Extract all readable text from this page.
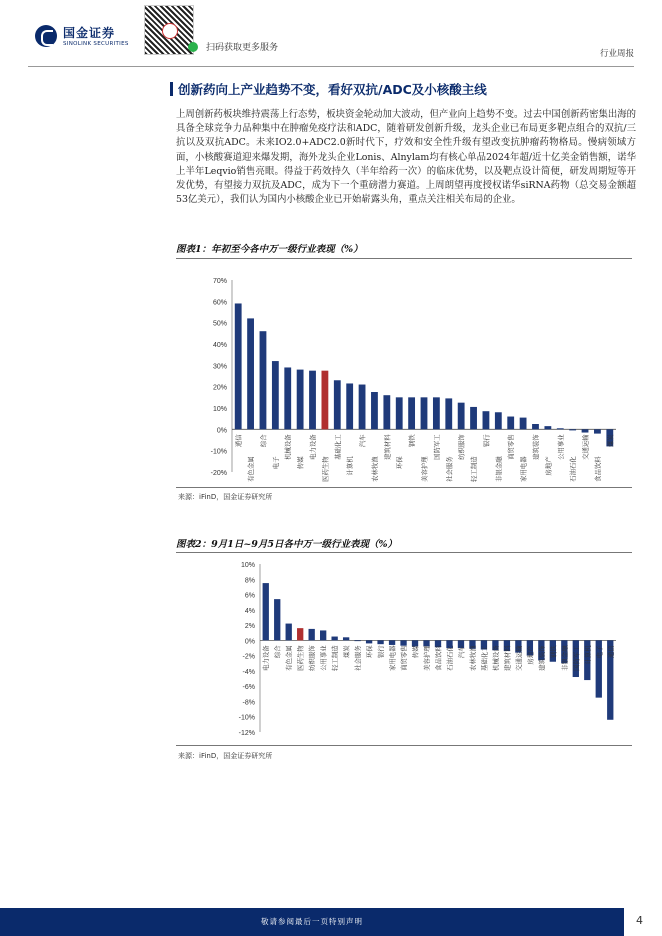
国金证券
SINOLINK SECURITIES	扫码获取更多服务
行业周报
创新药向上产业趋势不变，看好双抗/ADC及小核酸主线
上周创新药板块维持震荡上行态势，板块资金轮动加大波动，但产业向上趋势不变。过去中国创新药密集出海的具备全球竞争力品种集中在肿瘤免疫疗法和ADC，随着研发创新升级，龙头企业已布局更多靶点组合的双抗/三抗以及双抗ADC。未来IO2.0+ADC2.0新时代下，疗效和安全性升级有望改变抗肿瘤药物格局。慢病领域方面，小核酸赛道迎来爆发期，海外龙头企业Lonis、Alnylam均有核心单品2024年超/近十亿美金销售额，诺华上半年Leqvio销售亮眼。得益于药效持久（半年给药一次）的临床优势，以及靶点设计简便，研发周期短等开发优势，有望接力双抗及ADC，成为下一个重磅潜力赛道。上周朗望再度授权诺华siRNA药物（总交易金额超53亿美元），我们认为国内小核酸企业已开始崭露头角，重点关注相关布局的企业。
图表1：年初至今各中万一级行业表现（%）
70%
60%
50%
40%
30%
20%
10%
0%
-10%
-20%
通信
有色金属
综合
电子
机械设备
传媒
电力设备
医药生物
基础化工
计算机
汽车
农林牧渔
建筑材料
环保
钢铁
美容护理
国防军工
社会服务
纺织服饰
轻工制造
银行
非银金融
商贸零售
家用电器
建筑装饰
房地产
公用事业
石油石化
交通运输
食品饮料
煤炭
来源：iFinD，国金证券研究所
图表2：9月1日~9月5日各中万一级行业表现（%）
10%
8%
6%
4%
2%
0%
-2%
-4%
-6%
-8%
-10%
-12%
电力设备 综合 有色金属 医药生物 纺织服饰 公用事业 轻工制造 煤炭 社会服务 环保 银行 家用电器 商贸零售 传媒 美容护理 食品饮料 石油石化 汽车 农林牧渔 基础化工 机械设备 建筑材料 交通运输 房地产 建筑装饰 钢铁 非银金融 国防军工 计算机 电子 通信
来源：iFinD，国金证券研究所
敬请参阅最后一页特别声明	4
